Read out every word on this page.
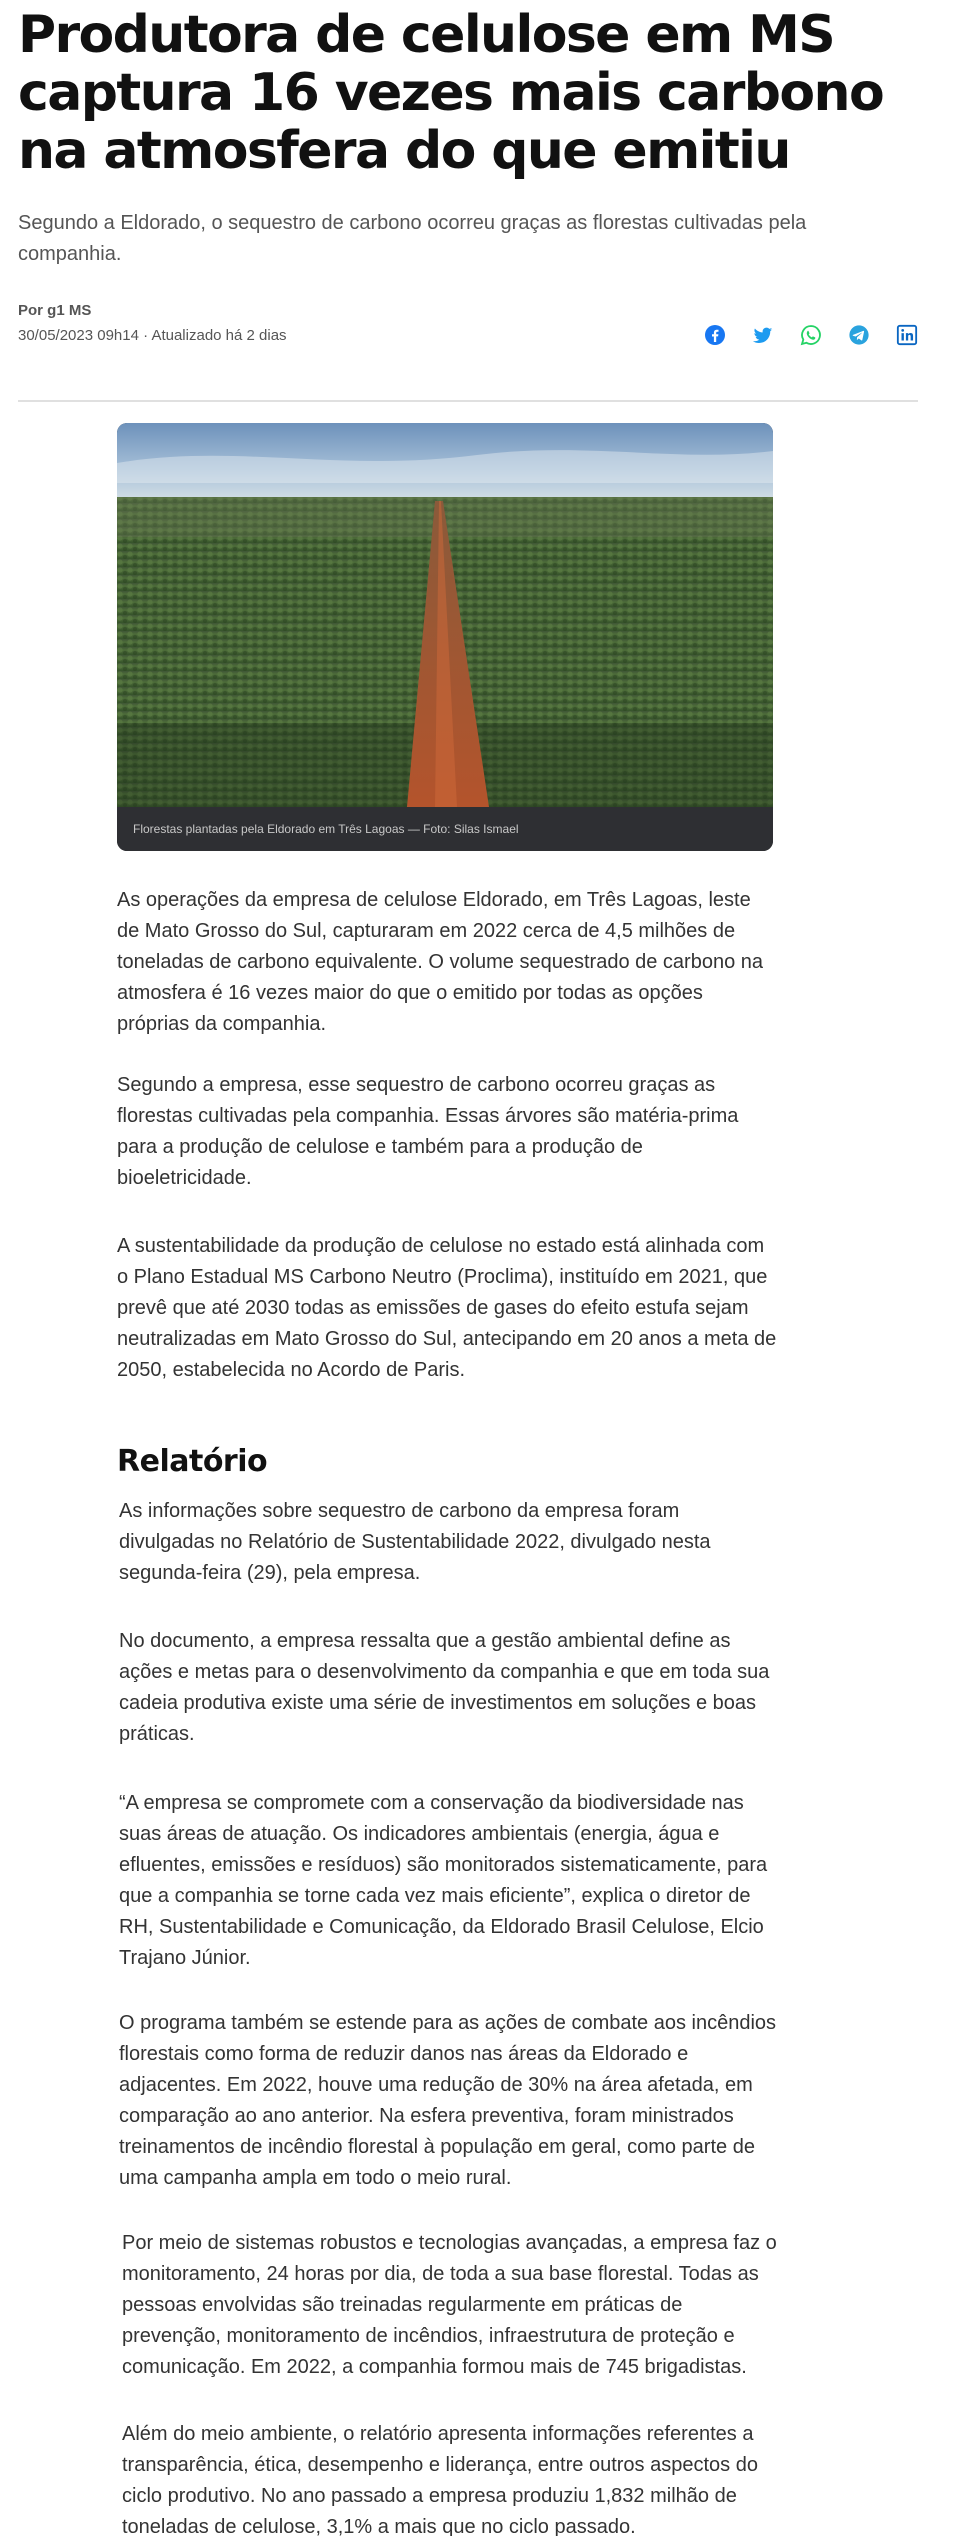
Produtora de celulose em MS captura 16 vezes mais carbono na atmosfera do que emitiu

Segundo a Eldorado, o sequestro de carbono ocorreu graças as florestas cultivadas pela companhia.

Por g1 MS
30/05/2023 09h14 · Atualizado há 2 dias
Florestas plantadas pela Eldorado em Três Lagoas — Foto: Silas Ismael

As operações da empresa de celulose Eldorado, em Três Lagoas, leste de Mato Grosso do Sul, capturaram em 2022 cerca de 4,5 milhões de toneladas de carbono equivalente. O volume sequestrado de carbono na atmosfera é 16 vezes maior do que o emitido por todas as opções próprias da companhia.

Segundo a empresa, esse sequestro de carbono ocorreu graças as florestas cultivadas pela companhia. Essas árvores são matéria-prima para a produção de celulose e também para a produção de bioeletricidade.

A sustentabilidade da produção de celulose no estado está alinhada com o Plano Estadual MS Carbono Neutro (Proclima), instituído em 2021, que prevê que até 2030 todas as emissões de gases do efeito estufa sejam neutralizadas em Mato Grosso do Sul, antecipando em 20 anos a meta de 2050, estabelecida no Acordo de Paris.

Relatório

As informações sobre sequestro de carbono da empresa foram divulgadas no Relatório de Sustentabilidade 2022, divulgado nesta segunda-feira (29), pela empresa.

No documento, a empresa ressalta que a gestão ambiental define as ações e metas para o desenvolvimento da companhia e que em toda sua cadeia produtiva existe uma série de investimentos em soluções e boas práticas.

“A empresa se compromete com a conservação da biodiversidade nas suas áreas de atuação. Os indicadores ambientais (energia, água e efluentes, emissões e resíduos) são monitorados sistematicamente, para que a companhia se torne cada vez mais eficiente”, explica o diretor de RH, Sustentabilidade e Comunicação, da Eldorado Brasil Celulose, Elcio Trajano Júnior.

O programa também se estende para as ações de combate aos incêndios florestais como forma de reduzir danos nas áreas da Eldorado e adjacentes. Em 2022, houve uma redução de 30% na área afetada, em comparação ao ano anterior. Na esfera preventiva, foram ministrados treinamentos de incêndio florestal à população em geral, como parte de uma campanha ampla em todo o meio rural.

Por meio de sistemas robustos e tecnologias avançadas, a empresa faz o monitoramento, 24 horas por dia, de toda a sua base florestal. Todas as pessoas envolvidas são treinadas regularmente em práticas de prevenção, monitoramento de incêndios, infraestrutura de proteção e comunicação. Em 2022, a companhia formou mais de 745 brigadistas.

Além do meio ambiente, o relatório apresenta informações referentes a transparência, ética, desempenho e liderança, entre outros aspectos do ciclo produtivo. No ano passado a empresa produziu 1,832 milhão de toneladas de celulose, 3,1% a mais que no ciclo passado.
